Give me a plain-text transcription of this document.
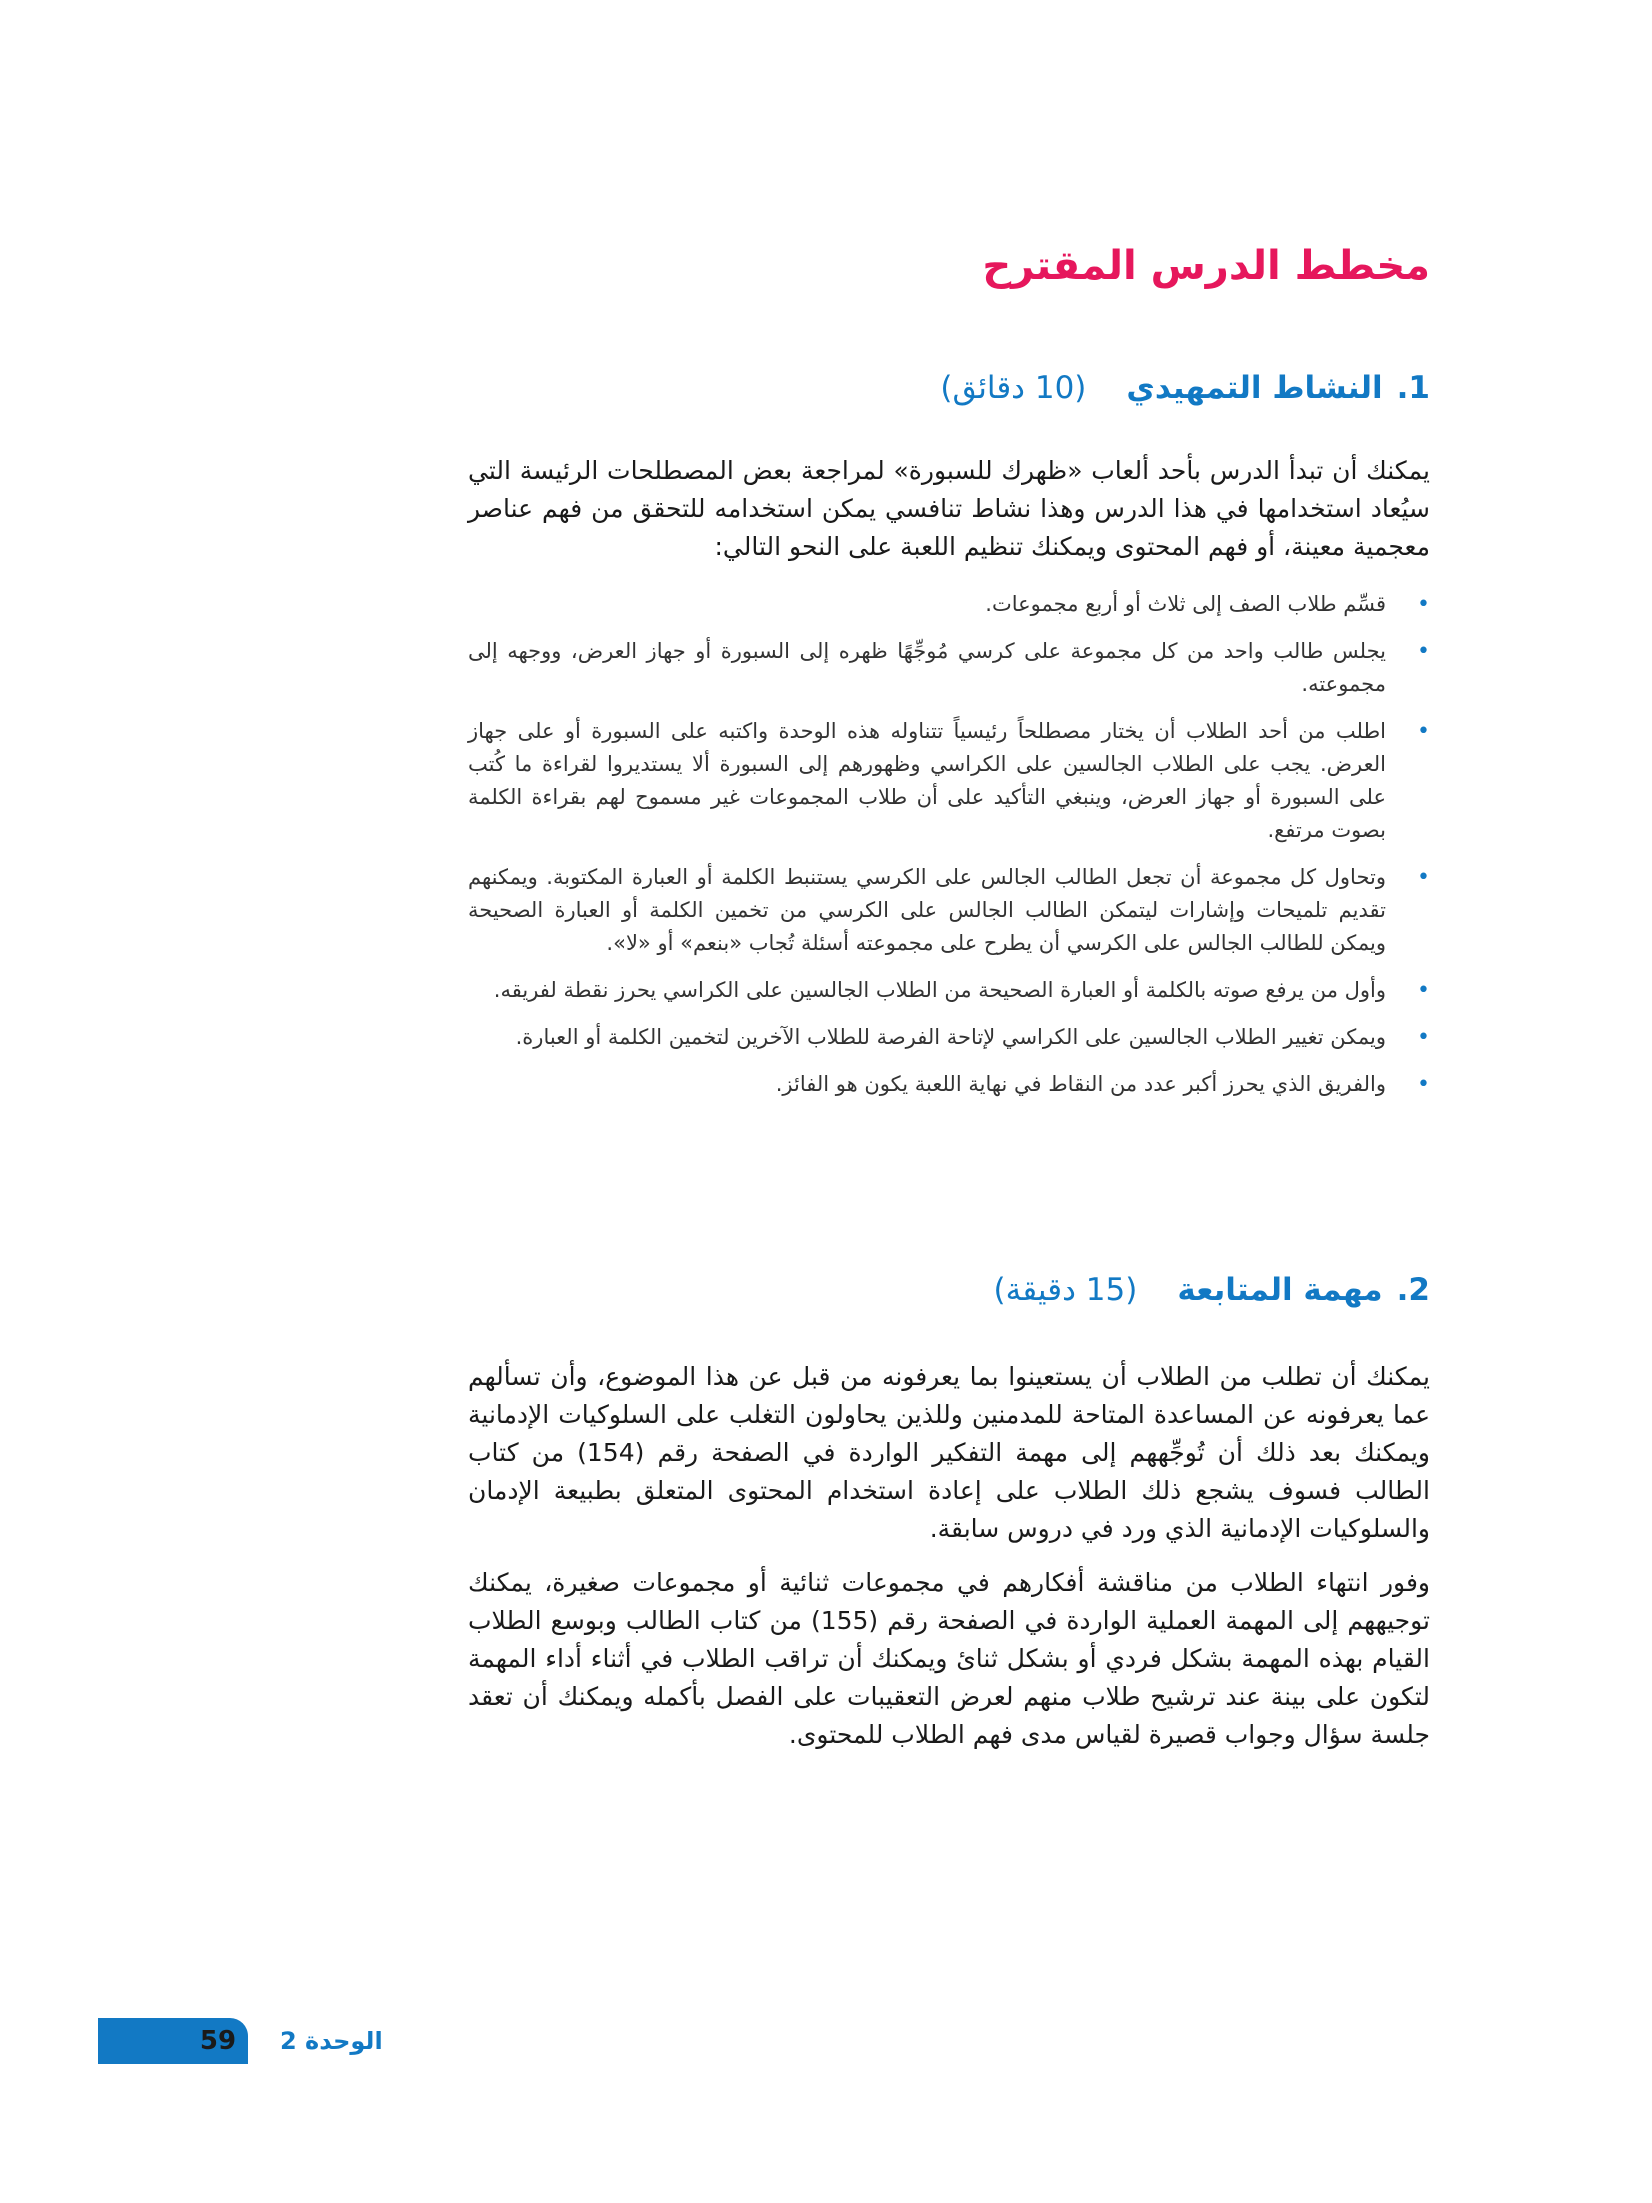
مخطط الدرس المقترح
1.النشاط التمهيدي(10 دقائق)

يمكنك أن تبدأ الدرس بأحد ألعاب «ظهرك للسبورة» لمراجعة بعض المصطلحات الرئيسة التي سيُعاد استخدامها في هذا الدرس وهذا نشاط تنافسي يمكن استخدامه للتحقق من فهم عناصر معجمية معينة، أو فهم المحتوى ويمكنك تنظيم اللعبة على النحو التالي:

•
قسِّم طلاب الصف إلى ثلاث أو أربع مجموعات.
•
يجلس طالب واحد من كل مجموعة على كرسي مُوجِّهًا ظهره إلى السبورة أو جهاز العرض، ووجهه إلى مجموعته.
•
اطلب من أحد الطلاب أن يختار مصطلحاً رئيسياً تتناوله هذه الوحدة واكتبه على السبورة أو على جهاز العرض. يجب على الطلاب الجالسين على الكراسي وظهورهم إلى السبورة ألا يستديروا لقراءة ما كُتب على السبورة أو جهاز العرض، وينبغي التأكيد على أن طلاب المجموعات غير مسموح لهم بقراءة الكلمة بصوت مرتفع.
•
وتحاول كل مجموعة أن تجعل الطالب الجالس على الكرسي يستنبط الكلمة أو العبارة المكتوبة. ويمكنهم تقديم تلميحات وإشارات ليتمكن الطالب الجالس على الكرسي من تخمين الكلمة أو العبارة الصحيحة ويمكن للطالب الجالس على الكرسي أن يطرح على مجموعته أسئلة تُجاب «بنعم» أو «لا».
•
وأول من يرفع صوته بالكلمة أو العبارة الصحيحة من الطلاب الجالسين على الكراسي يحرز نقطة لفريقه.
•
ويمكن تغيير الطلاب الجالسين على الكراسي لإتاحة الفرصة للطلاب الآخرين لتخمين الكلمة أو العبارة.
•
والفريق الذي يحرز أكبر عدد من النقاط في نهاية اللعبة يكون هو الفائز.
2.مهمة المتابعة(15 دقيقة)

يمكنك أن تطلب من الطلاب أن يستعينوا بما يعرفونه من قبل عن هذا الموضوع، وأن تسألهم عما يعرفونه عن المساعدة المتاحة للمدمنين وللذين يحاولون التغلب على السلوكيات الإدمانية ويمكنك بعد ذلك أن تُوجِّههم إلى مهمة التفكير الواردة في الصفحة رقم (154) من كتاب الطالب فسوف يشجع ذلك الطلاب على إعادة استخدام المحتوى المتعلق بطبيعة الإدمان والسلوكيات الإدمانية الذي ورد في دروس سابقة.

وفور انتهاء الطلاب من مناقشة أفكارهم في مجموعات ثنائية أو مجموعات صغيرة، يمكنك توجيههم إلى المهمة العملية الواردة في الصفحة رقم (155) من كتاب الطالب وبوسع الطلاب القيام بهذه المهمة بشكل فردي أو بشكل ثنائ ويمكنك أن تراقب الطلاب في أثناء أداء المهمة لتكون على بينة عند ترشيح طلاب منهم لعرض التعقيبات على الفصل بأكمله ويمكنك أن تعقد جلسة سؤال وجواب قصيرة لقياس مدى فهم الطلاب للمحتوى.

59 الوحدة 2
